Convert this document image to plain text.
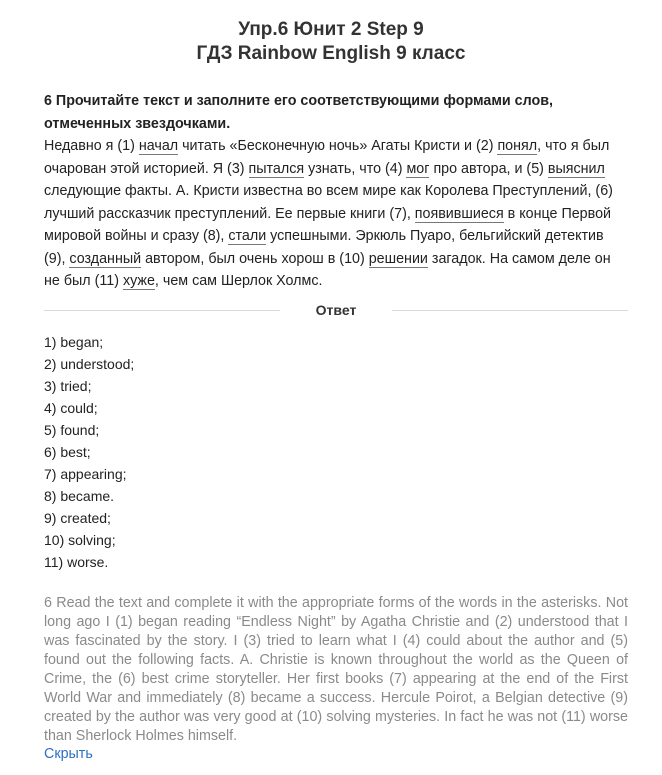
Упр.6 Юнит 2 Step 9
ГДЗ Rainbow English 9 класс
6 Прочитайте текст и заполните его соответствующими формами слов, отмеченных звездочками.
Недавно я (1) начал читать «Бесконечную ночь» Агаты Кристи и (2) понял, что я был очарован этой историей. Я (3) пытался узнать, что (4) мог про автора, и (5) выяснил следующие факты. А. Кристи известна во всем мире как Королева Преступлений, (6) лучший рассказчик преступлений. Ее первые книги (7), появившиеся в конце Первой мировой войны и сразу (8), стали успешными. Эркюль Пуаро, бельгийский детектив (9), созданный автором, был очень хорош в (10) решении загадок. На самом деле он не был (11) хуже, чем сам Шерлок Холмс.
Ответ
1) began;
2) understood;
3) tried;
4) could;
5) found;
6) best;
7) appearing;
8) became.
9) created;
10) solving;
11) worse.
6 Read the text and complete it with the appropriate forms of the words in the asterisks. Not long ago I (1) began reading “Endless Night” by Agatha Christie and (2) understood that I was fascinated by the story. I (3) tried to learn what I (4) could about the author and (5) found out the following facts. A. Christie is known throughout the world as the Queen of Crime, the (6) best crime storyteller. Her first books (7) appearing at the end of the First World War and immediately (8) became a success. Hercule Poirot, a Belgian detective (9) created by the author was very good at (10) solving mysteries. In fact he was not (11) worse than Sherlock Holmes himself.
Скрыть
